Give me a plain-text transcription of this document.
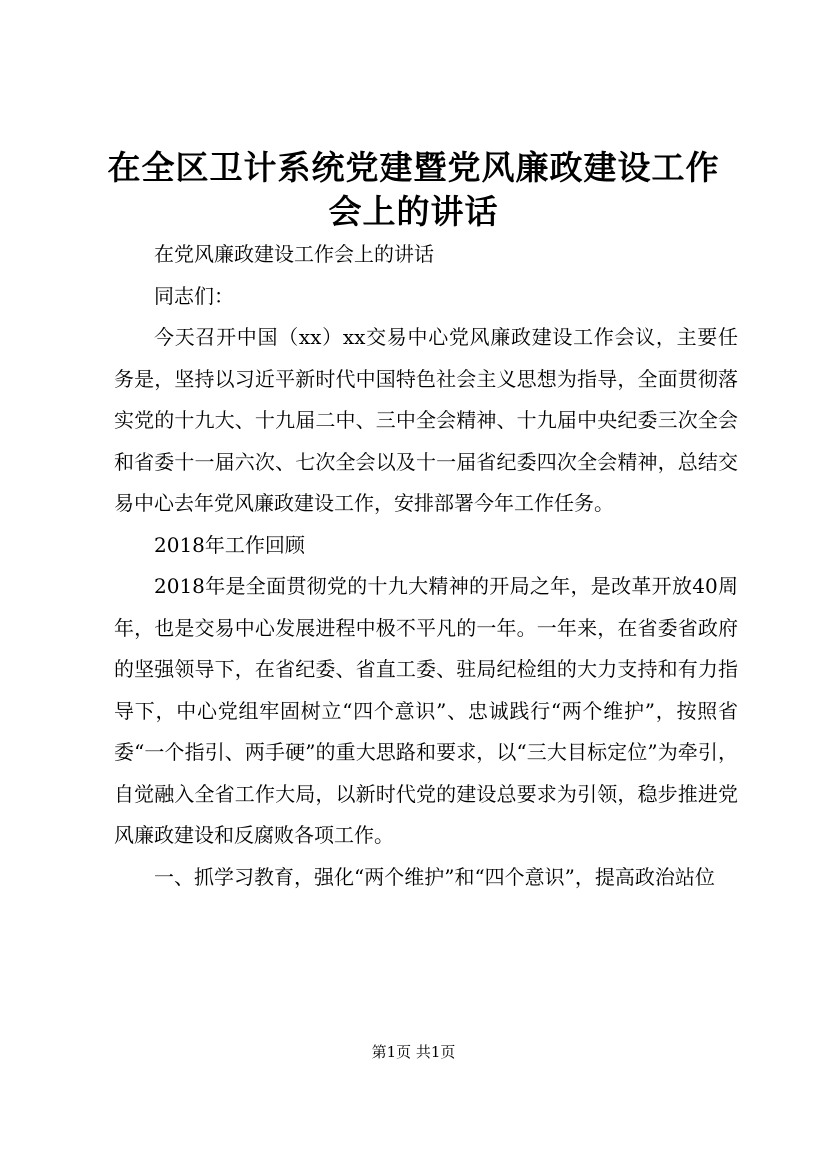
在全区卫计系统党建暨党风廉政建设工作会上的讲话

在党风廉政建设工作会上的讲话

同志们：

今天召开中国（xx）xx交易中心党风廉政建设工作会议，主要任务是，坚持以习近平新时代中国特色社会主义思想为指导，全面贯彻落实党的十九大、十九届二中、三中全会精神、十九届中央纪委三次全会和省委十一届六次、七次全会以及十一届省纪委四次全会精神，总结交易中心去年党风廉政建设工作，安排部署今年工作任务。

2018年工作回顾

2018年是全面贯彻党的十九大精神的开局之年，是改革开放40周年，也是交易中心发展进程中极不平凡的一年。一年来，在省委省政府的坚强领导下，在省纪委、省直工委、驻局纪检组的大力支持和有力指导下，中心党组牢固树立“四个意识”、忠诚践行“两个维护”，按照省委“一个指引、两手硬”的重大思路和要求，以“三大目标定位”为牵引，自觉融入全省工作大局，以新时代党的建设总要求为引领，稳步推进党风廉政建设和反腐败各项工作。

一、抓学习教育，强化“两个维护”和“四个意识”，提高政治站位

第1页 共1页
